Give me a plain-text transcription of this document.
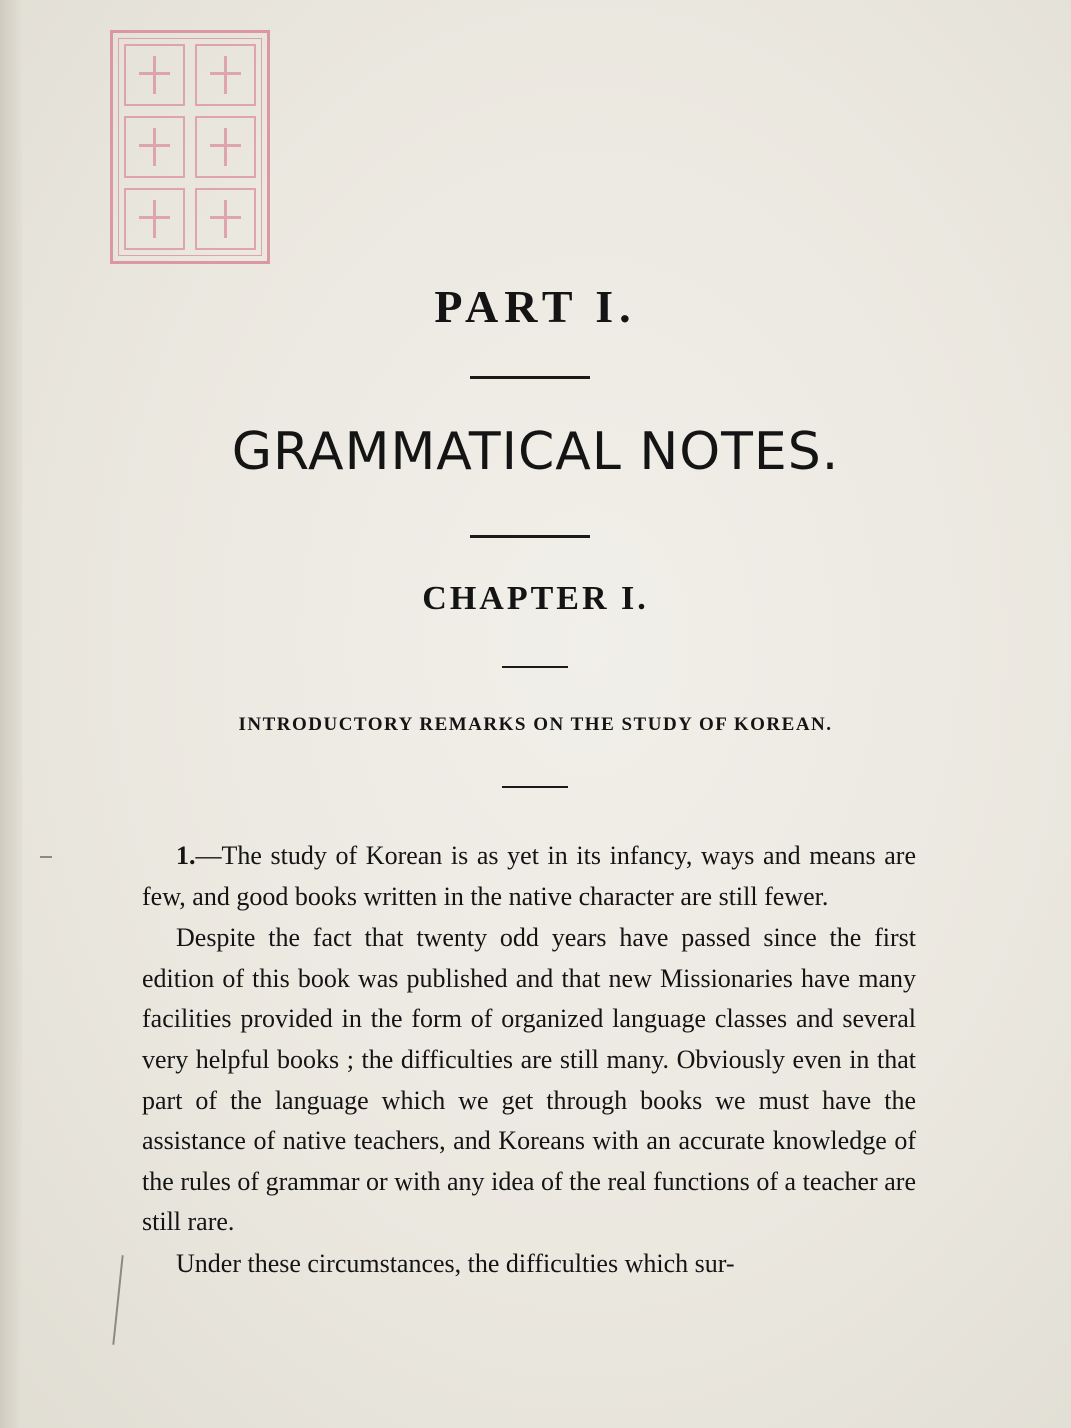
PART I.
GRAMMATICAL NOTES.
CHAPTER I.
INTRODUCTORY REMARKS ON THE STUDY OF KOREAN.

1.—The study of Korean is as yet in its infancy, ways and means are few, and good books written in the native character are still fewer.

Despite the fact that twenty odd years have passed since the first edition of this book was published and that new Missionaries have many facilities provided in the form of organized language classes and several very helpful books ; the difficulties are still many. Obviously even in that part of the language which we get through books we must have the assistance of native teachers, and Koreans with an accurate knowledge of the rules of grammar or with any idea of the real functions of a teacher are still rare.

Under these circumstances, the difficulties which sur-
